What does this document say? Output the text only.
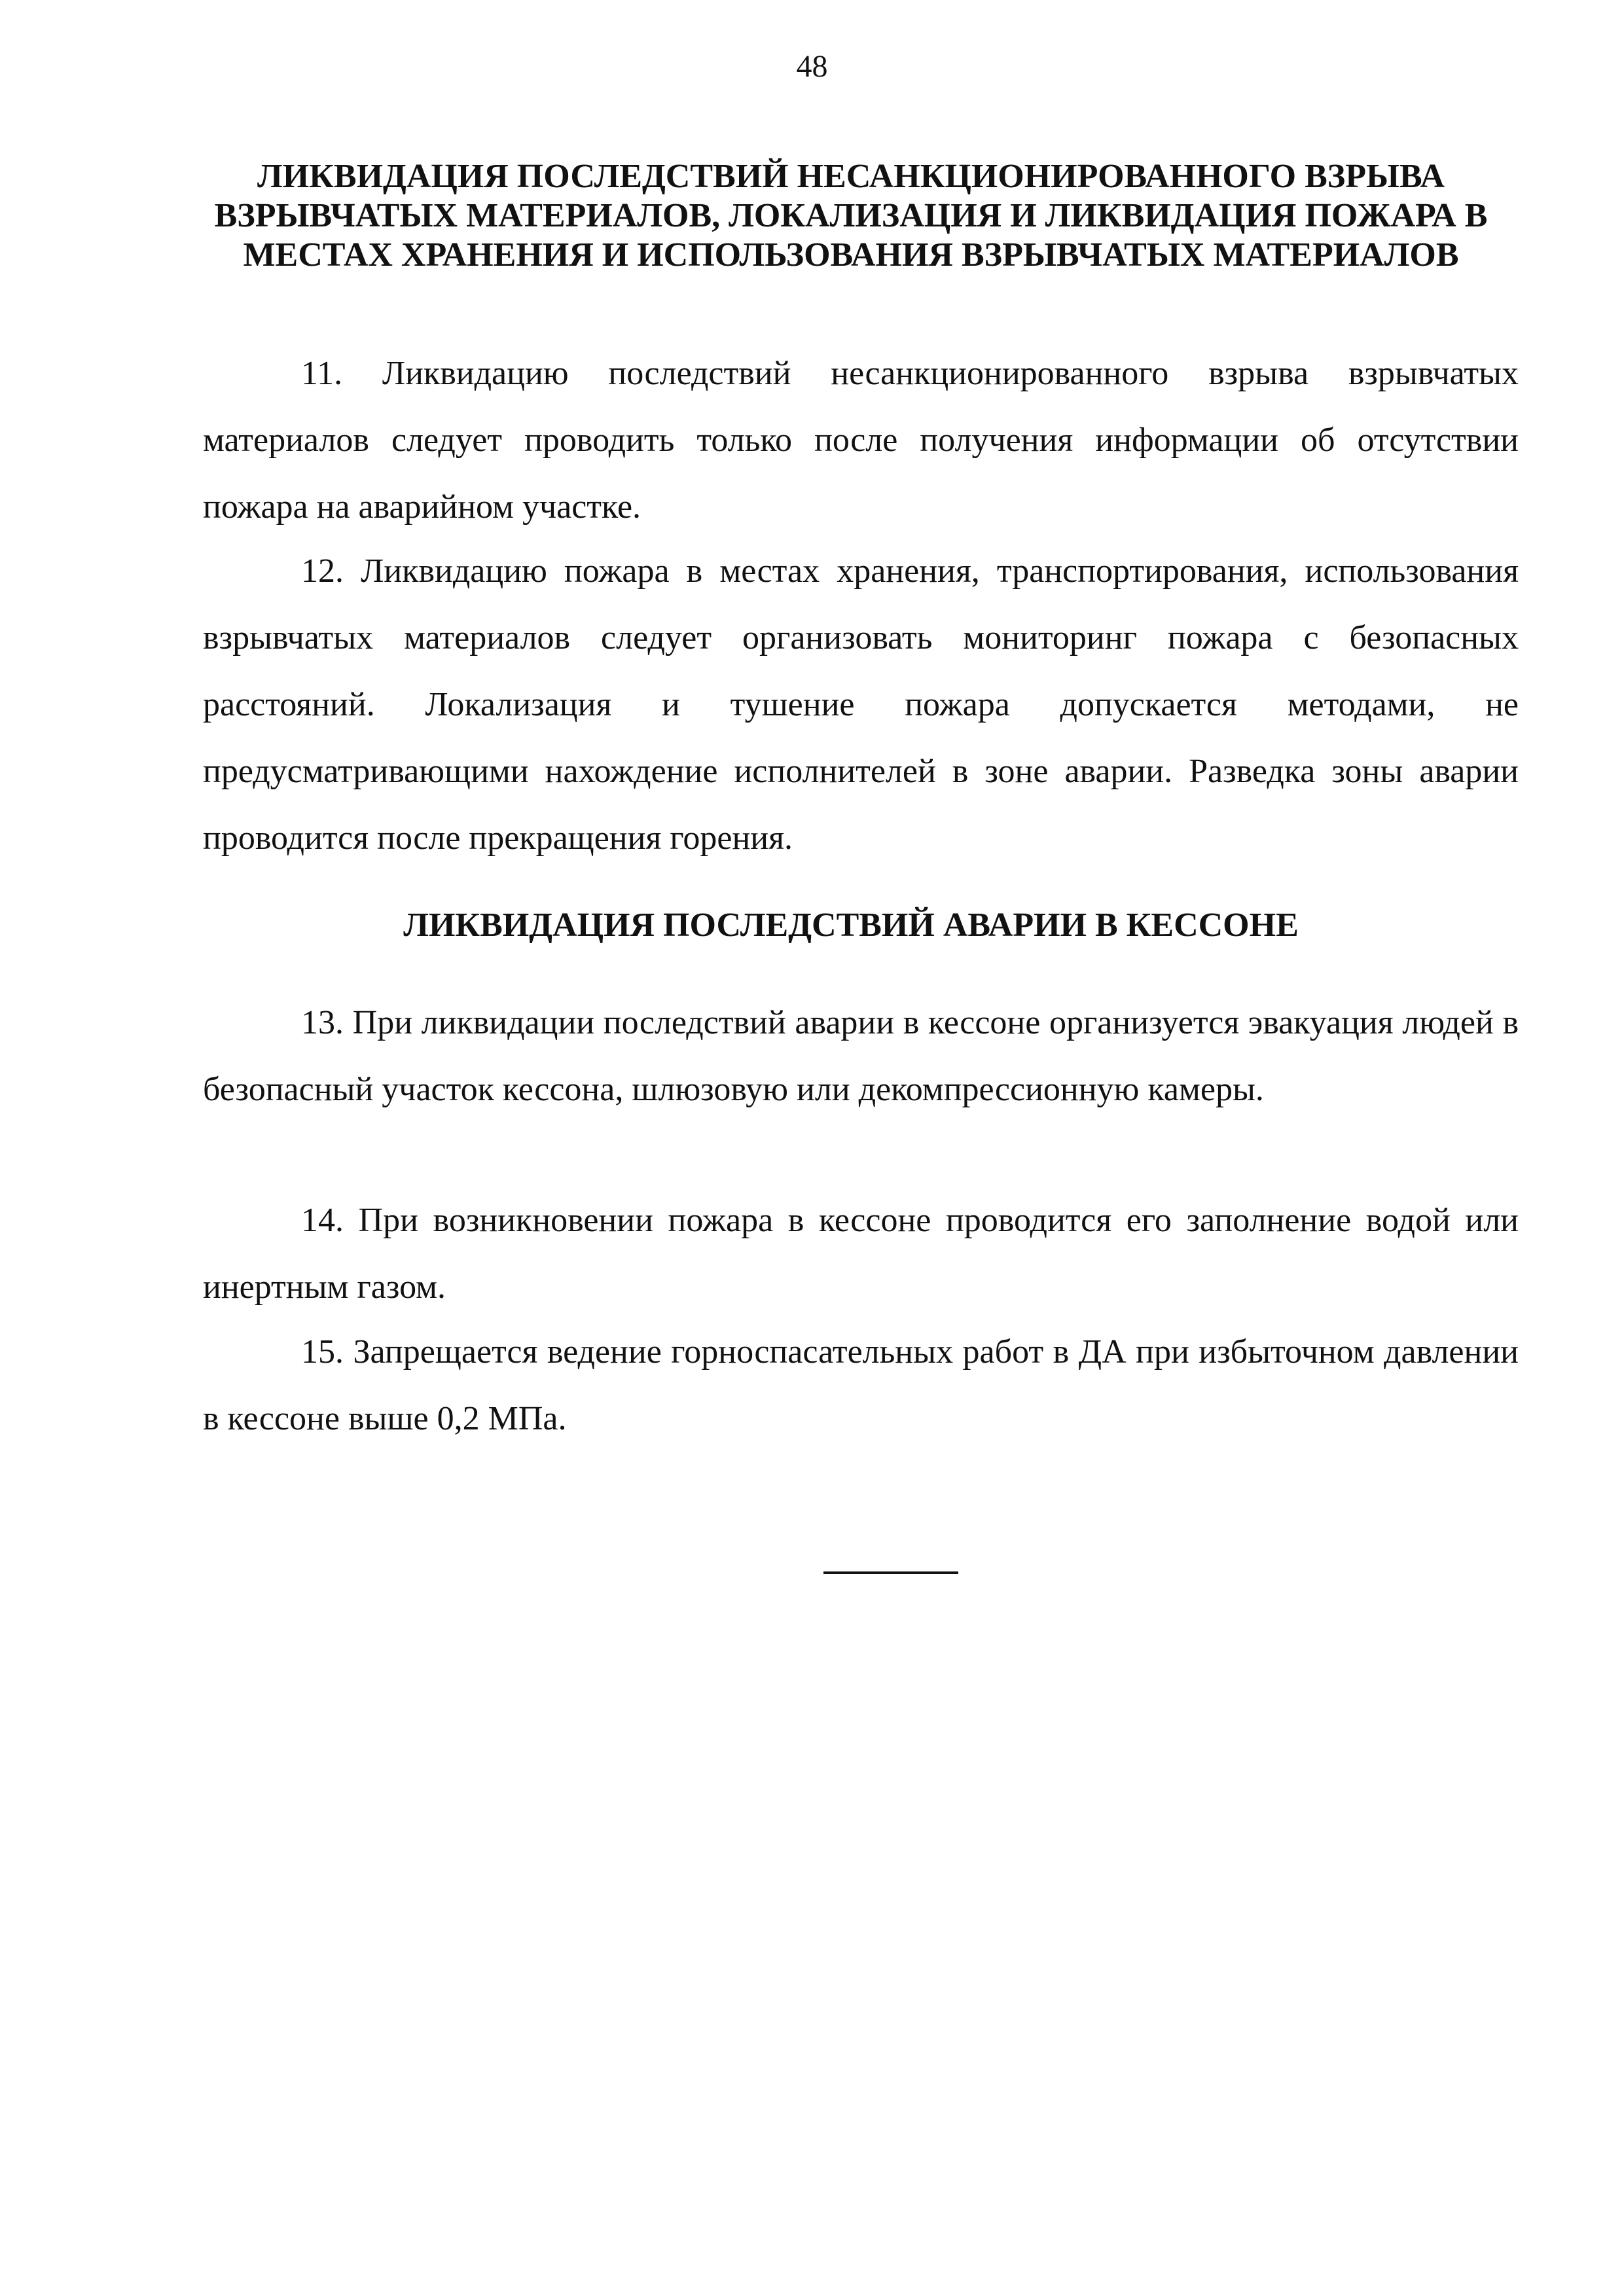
48
ЛИКВИДАЦИЯ ПОСЛЕДСТВИЙ НЕСАНКЦИОНИРОВАННОГО ВЗРЫВА ВЗРЫВЧАТЫХ МАТЕРИАЛОВ, ЛОКАЛИЗАЦИЯ И ЛИКВИДАЦИЯ ПОЖАРА В МЕСТАХ ХРАНЕНИЯ И ИСПОЛЬЗОВАНИЯ ВЗРЫВЧАТЫХ МАТЕРИАЛОВ

11. Ликвидацию последствий несанкционированного взрыва взрывчатых материалов следует проводить только после получения информации об отсутствии пожара на аварийном участке.

12. Ликвидацию пожара в местах хранения, транспортирования, использования взрывчатых материалов следует организовать мониторинг пожара с безопасных расстояний. Локализация и тушение пожара допускается методами, не предусматривающими нахождение исполнителей в зоне аварии. Разведка зоны аварии проводится после прекращения горения.

ЛИКВИДАЦИЯ ПОСЛЕДСТВИЙ АВАРИИ В КЕССОНЕ

13. При ликвидации последствий аварии в кессоне организуется эвакуация людей в безопасный участок кессона, шлюзовую или декомпрессионную камеры.

14. При возникновении пожара в кессоне проводится его заполнение водой или инертным газом.

15. Запрещается ведение горноспасательных работ в ДА при избыточном давлении в кессоне выше 0,2 МПа.
